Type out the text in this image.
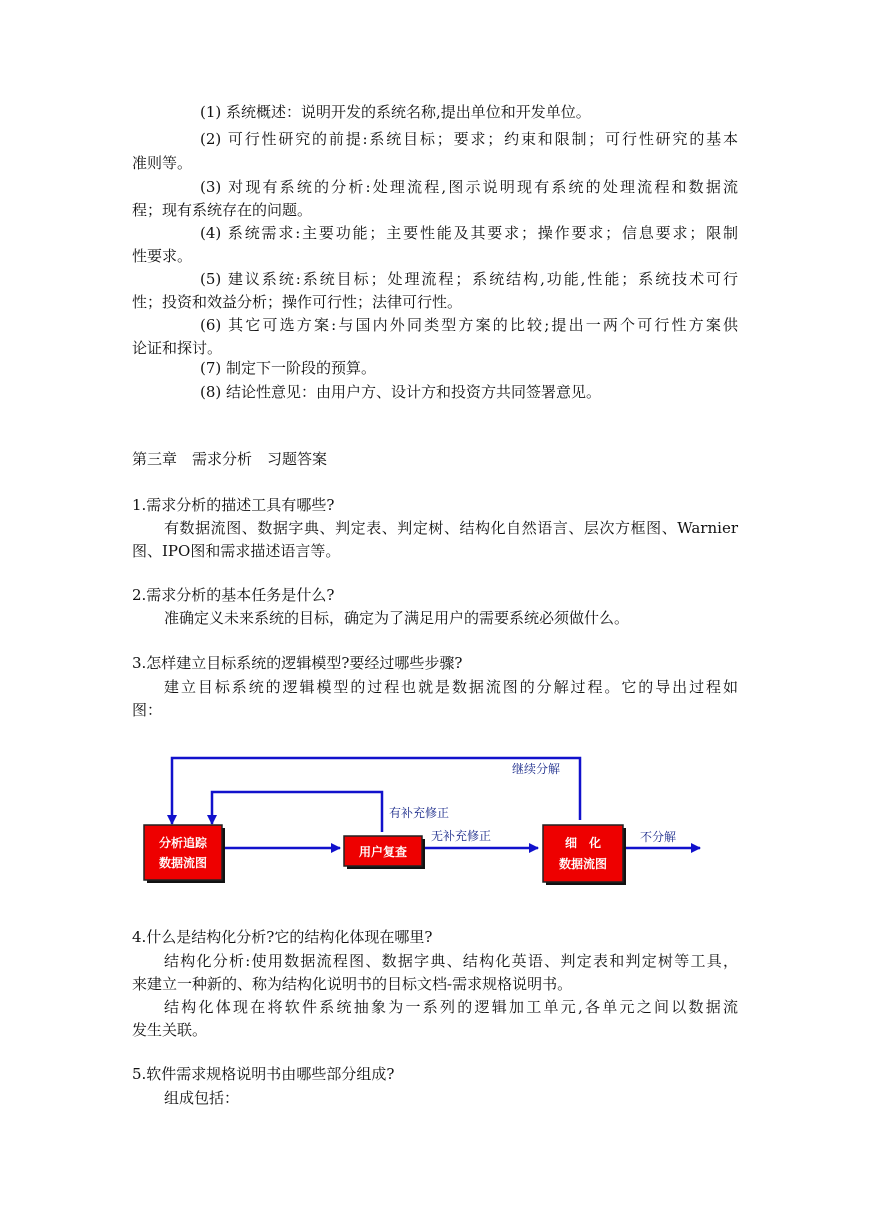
(1) 系统概述：说明开发的系统名称,提出单位和开发单位。
(2) 可行性研究的前提:系统目标；要求；约束和限制；可行性研究的基本
准则等。
(3) 对现有系统的分析:处理流程,图示说明现有系统的处理流程和数据流
程；现有系统存在的问题。
(4) 系统需求:主要功能；主要性能及其要求；操作要求；信息要求；限制
性要求。
(5) 建议系统:系统目标；处理流程；系统结构,功能,性能；系统技术可行
性；投资和效益分析；操作可行性；法律可行性。
(6) 其它可选方案:与国内外同类型方案的比较;提出一两个可行性方案供
论证和探讨。
(7) 制定下一阶段的预算。
(8) 结论性意见：由用户方、设计方和投资方共同签署意见。
第三章　需求分析　习题答案
1.需求分析的描述工具有哪些?
有数据流图、数据字典、判定表、判定树、结构化自然语言、层次方框图、Warnier
图、IPO图和需求描述语言等。
2.需求分析的基本任务是什么?
准确定义未来系统的目标，确定为了满足用户的需要系统必须做什么。
3.怎样建立目标系统的逻辑模型?要经过哪些步骤?
建立目标系统的逻辑模型的过程也就是数据流图的分解过程。它的导出过程如
图：
分析追踪
数据流图
用户复查
细　化
数据流图
继续分解
有补充修正
无补充修正	不分解
4.什么是结构化分析?它的结构化体现在哪里?
结构化分析:使用数据流程图、数据字典、结构化英语、判定表和判定树等工具，
来建立一种新的、称为结构化说明书的目标文档-需求规格说明书。
结构化体现在将软件系统抽象为一系列的逻辑加工单元,各单元之间以数据流
发生关联。
5.软件需求规格说明书由哪些部分组成?
组成包括：
